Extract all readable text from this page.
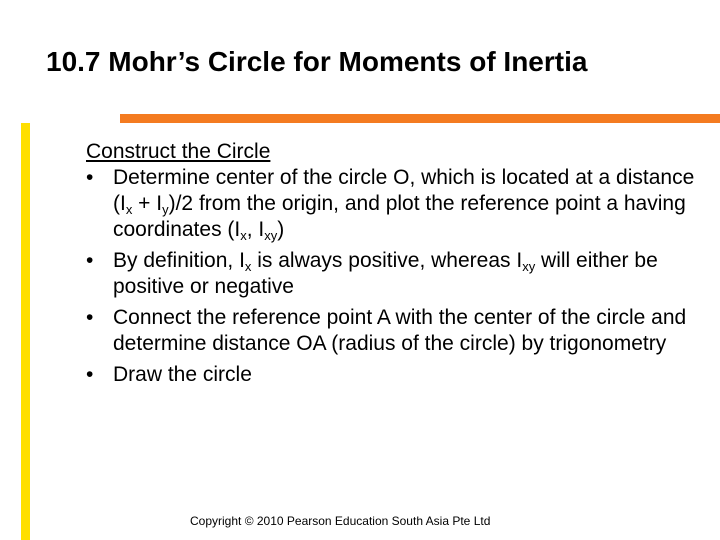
10.7 Mohr’s Circle for Moments of Inertia
Construct the Circle
• Determine center of the circle O, which is located at a distance $(I_x + I_y)/2$ from the origin, and plot the reference point a having coordinates ($I_x$, $I_{xy}$)
• By definition, $I_x$ is always positive, whereas $I_{xy}$ will either be positive or negative
• Connect the reference point A with the center of the circle and determine distance OA (radius of the circle) by trigonometry
• Draw the circle
Copyright © 2010 Pearson Education South Asia Pte Ltd
